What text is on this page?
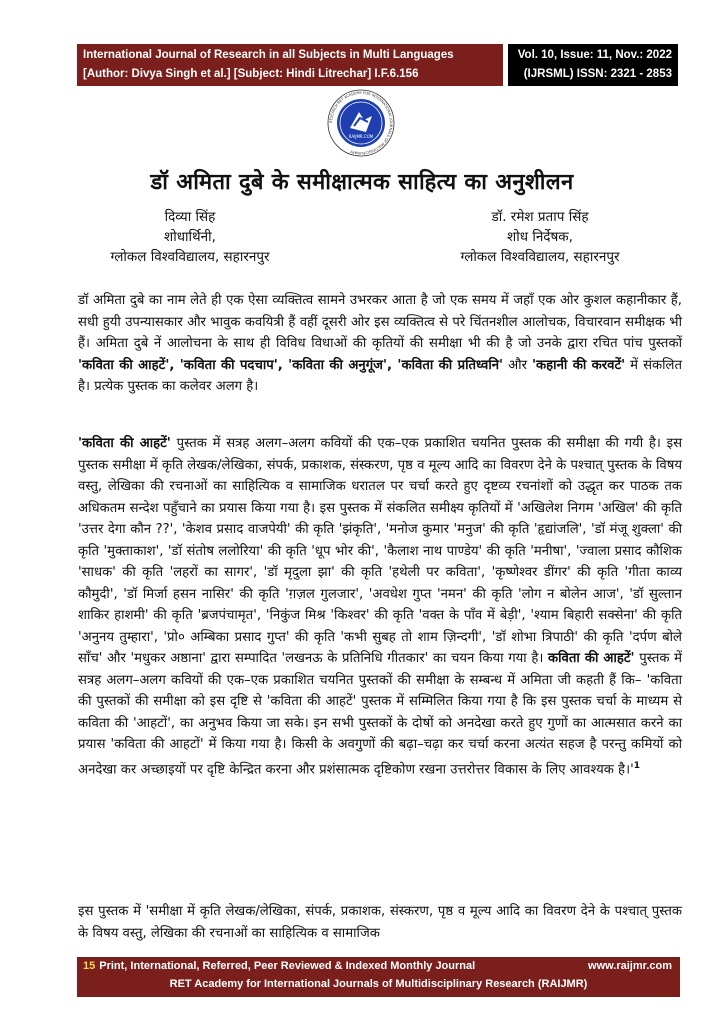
International Journal of Research in all Subjects in Multi Languages
[Author: Divya Singh et al.] [Subject: Hindi Litrechar] I.F.6.156
Vol. 10, Issue: 11, Nov.: 2022
(IJRSML) ISSN: 2321 - 2853
RAIJMR.COM
RESEARCH RET ACADEMY FOR INTERNATIONAL JOURNALS OF MULTIDISCIPLINARY
डॉ अमिता दुबे के समीक्षात्मक साहित्य का अनुशीलन
दिव्या सिंह
शोधार्थिनी,
ग्लोकल विश्वविद्यालय, सहारनपुर
डॉ. रमेश प्रताप सिंह
शोध निर्देषक,
ग्लोकल विश्वविद्यालय, सहारनपुर

डॉ अमिता दुबे का नाम लेते ही एक ऐसा व्यक्तित्व सामने उभरकर आता है जो एक समय में जहाँ एक ओर कुशल कहानीकार हैं, सधी हुयी उपन्यासकार और भावुक कवयित्री हैं वहीं दूसरी ओर इस व्यक्तित्व से परे चिंतनशील आलोचक, विचारवान समीक्षक भी हैं। अमिता दुबे नें आलोचना के साथ ही विविध विधाओं की कृतियों की समीक्षा भी की है जो उनके द्वारा रचित पांच पुस्तकों 'कविता की आहटें', 'कविता की पदचाप', 'कविता की अनुगूंज', 'कविता की प्रतिध्वनि' और 'कहानी की करवटें' में संकलित है। प्रत्येक पुस्तक का कलेवर अलग है।

'कविता की आहटें' पुस्तक में सत्रह अलग–अलग कवियों की एक–एक प्रकाशित चयनित पुस्तक की समीक्षा की गयी है। इस पुस्तक समीक्षा में कृति लेखक/लेखिका, संपर्क, प्रकाशक, संस्करण, पृष्ठ व मूल्य आदि का विवरण देने के पश्चात् पुस्तक के विषय वस्तु, लेखिका की रचनाओं का साहित्यिक व सामाजिक धरातल पर चर्चा करते हुए दृष्टव्य रचनांशों को उद्धृत कर पाठक तक अधिकतम सन्देश पहुँचाने का प्रयास किया गया है। इस पुस्तक में संकलित समीक्ष्य कृतियों में 'अखिलेश निगम 'अखिल' की कृति 'उत्तर देगा कौन ??', 'केशव प्रसाद वाजपेयी' की कृति 'झंकृति', 'मनोज कुमार 'मनुज' की कृति 'हृद्यांजलि', 'डॉ मंजू शुक्ला' की कृति 'मुक्ताकाश', 'डॉ संतोष ललोरिया' की कृति 'धूप भोर की', 'कैलाश नाथ पाण्डेय' की कृति 'मनीषा', 'ज्वाला प्रसाद कौशिक 'साधक' की कृति 'लहरों का सागर', 'डॉ मृदुला झा' की कृति 'हथेली पर कविता', 'कृष्णेश्वर डींगर' की कृति 'गीता काव्य कौमुदी', 'डॉ मिर्जा हसन नासिर' की कृति 'ग़ज़ल गुलजार', 'अवधेश गुप्त 'नमन' की कृति 'लोग न बोलेन आज', 'डॉ सुल्तान शाकिर हाशमी' की कृति 'ब्रजपंचामृत', 'निकुंज मिश्र 'किश्वर' की कृति 'वक्त के पाँव में बेड़ी', 'श्याम बिहारी सक्सेना' की कृति 'अनुनय तुम्हारा', 'प्रो० अम्बिका प्रसाद गुप्त' की कृति 'कभी सुबह तो शाम ज़िन्दगी', 'डॉ शोभा त्रिपाठी' की कृति 'दर्पण बोले साँच' और 'मधुकर अष्ठाना' द्वारा सम्पादित 'लखनऊ के प्रतिनिधि गीतकार' का चयन किया गया है। कविता की आहटें' पुस्तक में सत्रह अलग–अलग कवियों की एक–एक प्रकाशित चयनित पुस्तकों की समीक्षा के सम्बन्ध में अमिता जी कहती हैं कि– 'कविता की पुस्तकों की समीक्षा को इस दृष्टि से 'कविता की आहटें' पुस्तक में सम्मिलित किया गया है कि इस पुस्तक चर्चा के माध्यम से कविता की 'आहटों', का अनुभव किया जा सके। इन सभी पुस्तकों के दोषों को अनदेखा करते हुए गुणों का आत्मसात करने का प्रयास 'कविता की आहटों' में किया गया है। किसी के अवगुणों की बढ़ा–चढ़ा कर चर्चा करना अत्यंत सहज है परन्तु कमियों को अनदेखा कर अच्छाइयों पर दृष्टि केन्द्रित करना और प्रशंसात्मक दृष्टिकोण रखना उत्तरोत्तर विकास के लिए आवश्यक $है।'^1$

इस पुस्तक में 'समीक्षा में कृति लेखक/लेखिका, संपर्क, प्रकाशक, संस्करण, पृष्ठ व मूल्य आदि का विवरण देने के पश्चात् पुस्तक के विषय वस्तु, लेखिका की रचनाओं का साहित्यिक व सामाजिक

15 Print, International, Referred, Peer Reviewed & Indexed Monthly Journal	www.raijmr.com
RET Academy for International Journals of Multidisciplinary Research (RAIJMR)
